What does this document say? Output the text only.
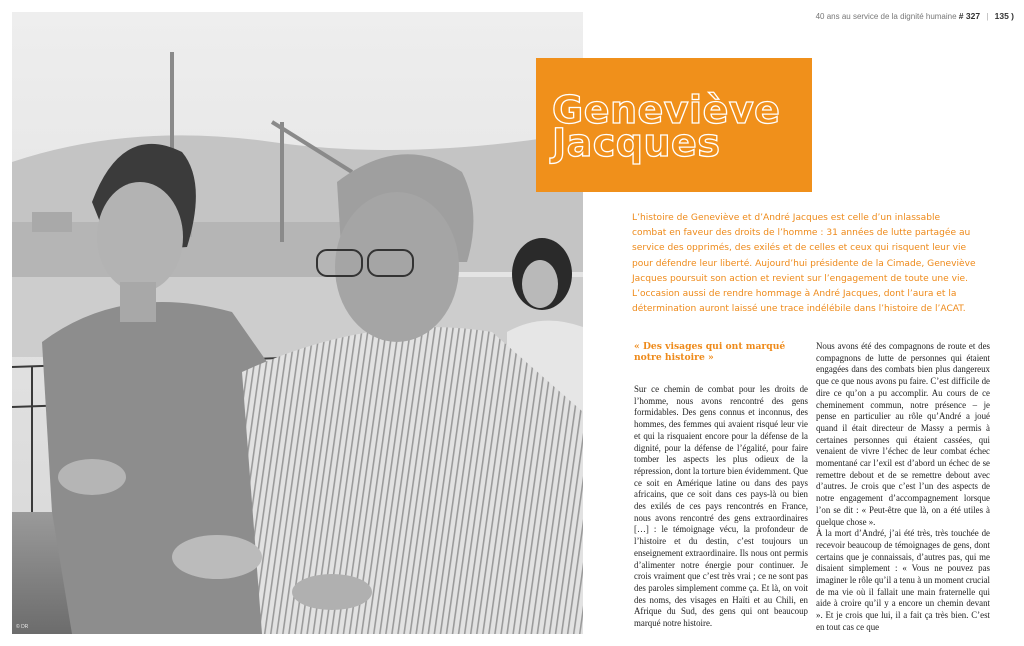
40 ans au service de la dignité humaine # 327 | 135 )
© DR
Geneviève
Jacques

L’histoire de Geneviève et d’André Jacques est celle d’un inlassable combat en faveur des droits de l’homme : 31 années de lutte partagée au service des opprimés, des exilés et de celles et ceux qui risquent leur vie pour défendre leur liberté. Aujourd’hui présidente de la Cimade, Geneviève Jacques poursuit son action et revient sur l’engagement de toute une vie. L’occasion aussi de rendre hommage à André Jacques, dont l’aura et la détermination auront laissé une trace indélébile dans l’histoire de l’ACAT.

« Des visages qui ont marqué notre histoire »

Sur ce chemin de combat pour les droits de l’homme, nous avons rencontré des gens formidables. Des gens connus et inconnus, des hommes, des femmes qui avaient risqué leur vie et qui la risquaient encore pour la défense de la dignité, pour la défense de l’égalité, pour faire tomber les aspects les plus odieux de la répression, dont la torture bien évidemment. Que ce soit en Amérique latine ou dans des pays africains, que ce soit dans ces pays-là ou bien des exilés de ces pays rencontrés en France, nous avons rencontré des gens extraordinaires […] : le témoignage vécu, la profondeur de l’histoire et du destin, c’est toujours un enseignement extraordinaire. Ils nous ont permis d’alimenter notre énergie pour continuer. Je crois vraiment que c’est très vrai ; ce ne sont pas des paroles simplement comme ça. Et là, on voit des noms, des visages en Haïti et au Chili, en Afrique du Sud, des gens qui ont beaucoup marqué notre histoire.

Nous avons été des compagnons de route et des compagnons de lutte de personnes qui étaient engagées dans des combats bien plus dangereux que ce que nous avons pu faire. C’est difficile de dire ce qu’on a pu accomplir. Au cours de ce cheminement commun, notre présence – je pense en particulier au rôle qu’André a joué quand il était directeur de Massy a permis à certaines personnes qui étaient cassées, qui venaient de vivre l’échec de leur combat échec momentané car l’exil est d’abord un échec de se remettre debout et de se remettre debout avec d’autres. Je crois que c’est l’un des aspects de notre engagement d’accompagnement lorsque l’on se dit : « Peut-être que là, on a été utiles à quelque chose ».

À la mort d’André, j’ai été très, très touchée de recevoir beaucoup de témoignages de gens, dont certains que je connaissais, d’autres pas, qui me disaient simplement : « Vous ne pouvez pas imaginer le rôle qu’il a tenu à un moment crucial de ma vie où il fallait une main fraternelle qui aide à croire qu’il y a encore un chemin devant ». Et je crois que lui, il a fait ça très bien. C’est en tout cas ce que
